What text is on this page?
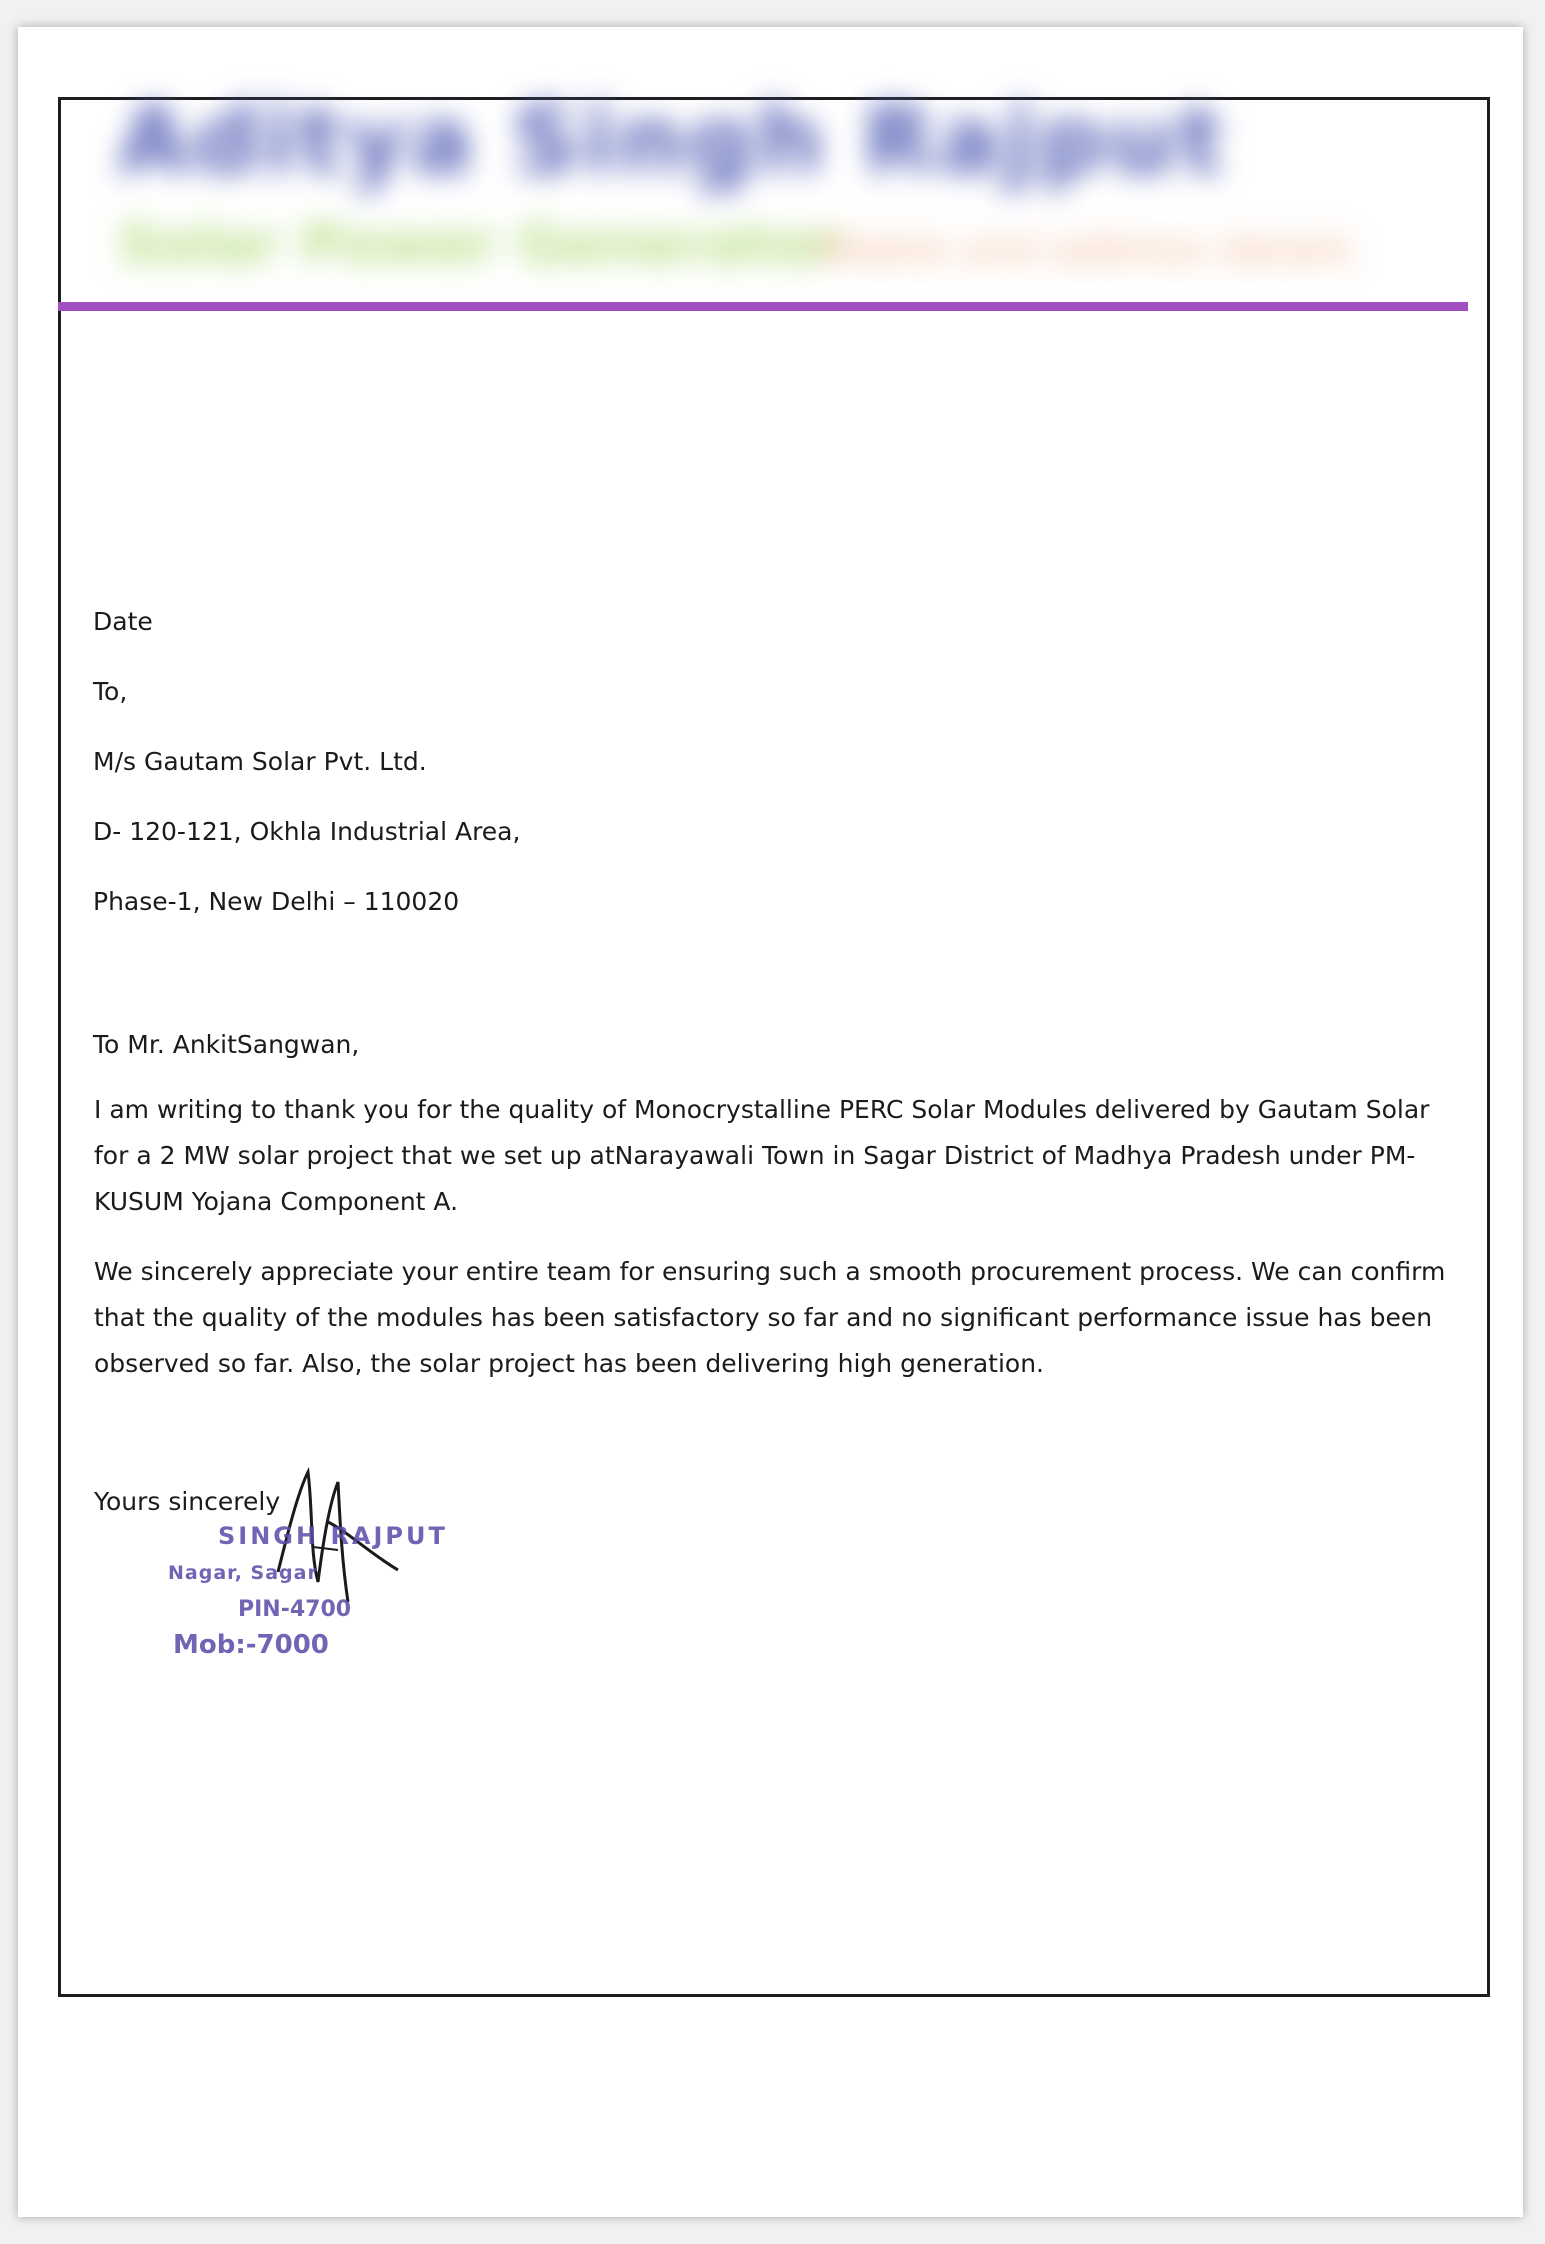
Aditya Singh Rajput
Solar Power Generator
Mobile and address details

Date

To,

M/s Gautam Solar Pvt. Ltd.

D- 120-121, Okhla Industrial Area,

Phase-1, New Delhi – 110020

To Mr. AnkitSangwan,

I am writing to thank you for the quality of Monocrystalline PERC Solar Modules delivered by Gautam Solar for a 2 MW solar project that we set up atNarayawali Town in Sagar District of Madhya Pradesh under PM-KUSUM Yojana Component A.

We sincerely appreciate your entire team for ensuring such a smooth procurement process. We can confirm that the quality of the modules has been satisfactory so far and no significant performance issue has been observed so far. Also, the solar project has been delivering high generation.

Yours sincerely

SINGH RAJPUT
Nagar, Sagar
PIN-4700
Mob:-7000
